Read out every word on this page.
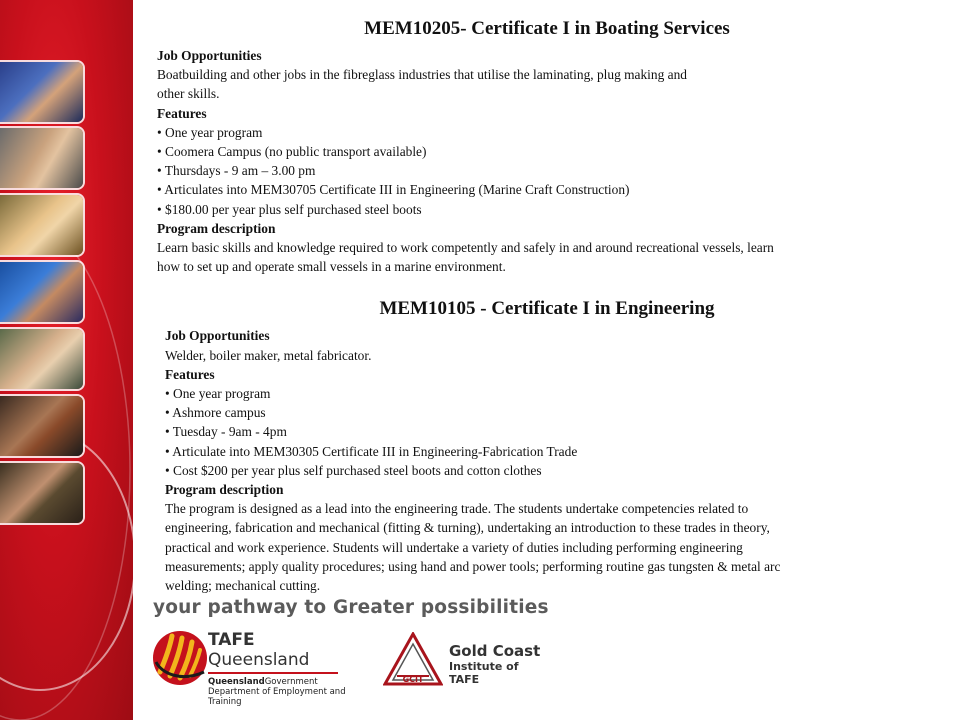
MEM10205- Certificate I in Boating Services
Job Opportunities
Boatbuilding and other jobs in the fibreglass industries that utilise the laminating, plug making and
other skills.
Features
• One year program
• Coomera Campus (no public transport available)
• Thursdays - 9 am – 3.00 pm
• Articulates into MEM30705 Certificate III in Engineering (Marine Craft Construction)
• $180.00 per year plus self purchased steel boots
Program description
Learn basic skills and knowledge required to work competently and safely in and around recreational vessels, learn
how to set up and operate small vessels in a marine environment.
MEM10105 - Certificate I in Engineering
Job Opportunities
Welder, boiler maker, metal fabricator.
Features
• One year program
• Ashmore campus
• Tuesday - 9am - 4pm
• Articulate into MEM30305 Certificate III in Engineering-Fabrication Trade
• Cost $200 per year plus self purchased steel boots and cotton clothes
Program description
The program is designed as a lead into the engineering trade. The students undertake competencies related to
engineering, fabrication and mechanical (fitting & turning), undertaking an introduction to these trades in theory,
practical and work experience. Students will undertake a variety of duties including performing engineering
measurements; apply quality procedures; using hand and power tools; performing routine gas tungsten & metal arc
welding; mechanical cutting.
your pathway to Greater possibilities
TAFE Queensland
QueenslandGovernment
Department of Employment and Training
GCIT
Gold Coast
Institute of TAFE
